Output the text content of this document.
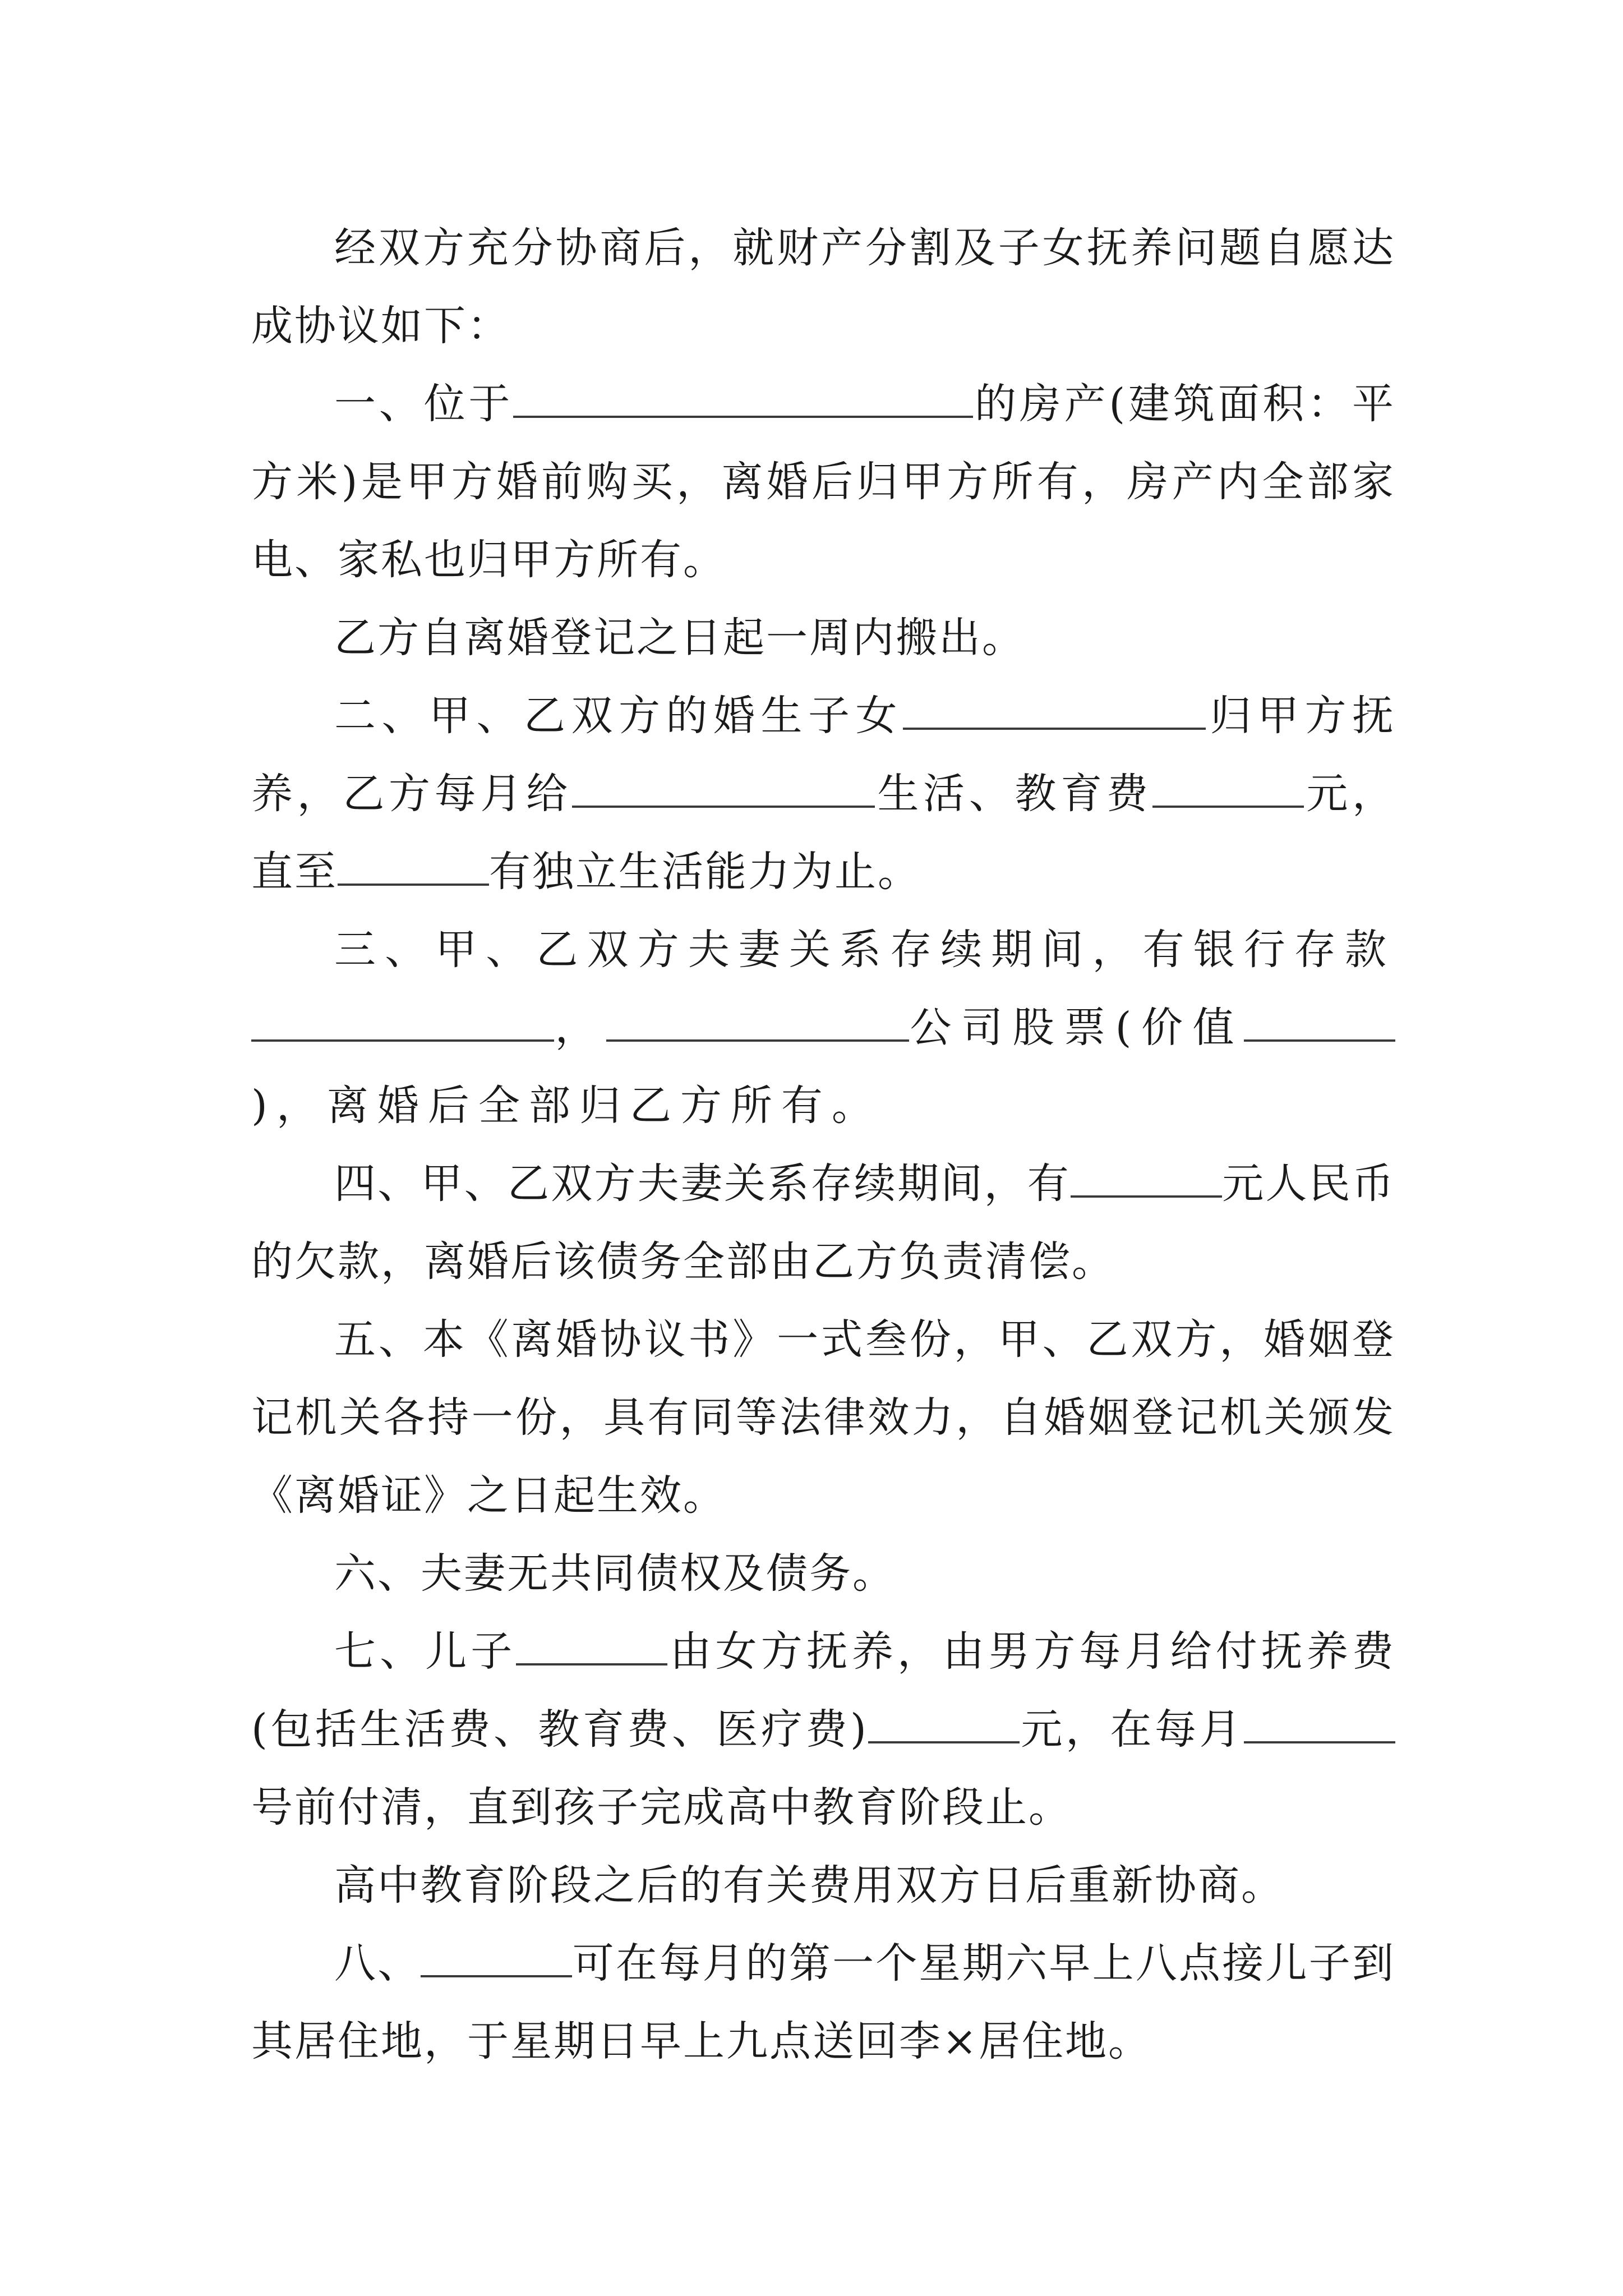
经双方充分协商后，就财产分割及子女抚养问题自愿达成协议如下：

一、位于	的房产(建筑面积：平方米)是甲方婚前购买，离婚后归甲方所有，房产内全部家电、家私也归甲方所有。

乙方自离婚登记之日起一周内搬出。

二、甲、乙双方的婚生子女	归甲方抚养，乙方每月给	生活、教育费	元，直至	有独立生活能力为止。

三、甲、乙双方夫妻关系存续期间，有银行存款，	公司股票(价值)，离婚后全部归乙方所有。

四、甲、乙双方夫妻关系存续期间，有	元人民币的欠款，离婚后该债务全部由乙方负责清偿。

五、本《离婚协议书》一式叁份，甲、乙双方，婚姻登记机关各持一份，具有同等法律效力，自婚姻登记机关颁发《离婚证》之日起生效。

六、夫妻无共同债权及债务。

七、儿子	由女方抚养，由男方每月给付抚养费(包括生活费、教育费、医疗费)	元，在每月号前付清，直到孩子完成高中教育阶段止。

高中教育阶段之后的有关费用双方日后重新协商。

八、	可在每月的第一个星期六早上八点接儿子到其居住地，于星期日早上九点送回李×居住地。
